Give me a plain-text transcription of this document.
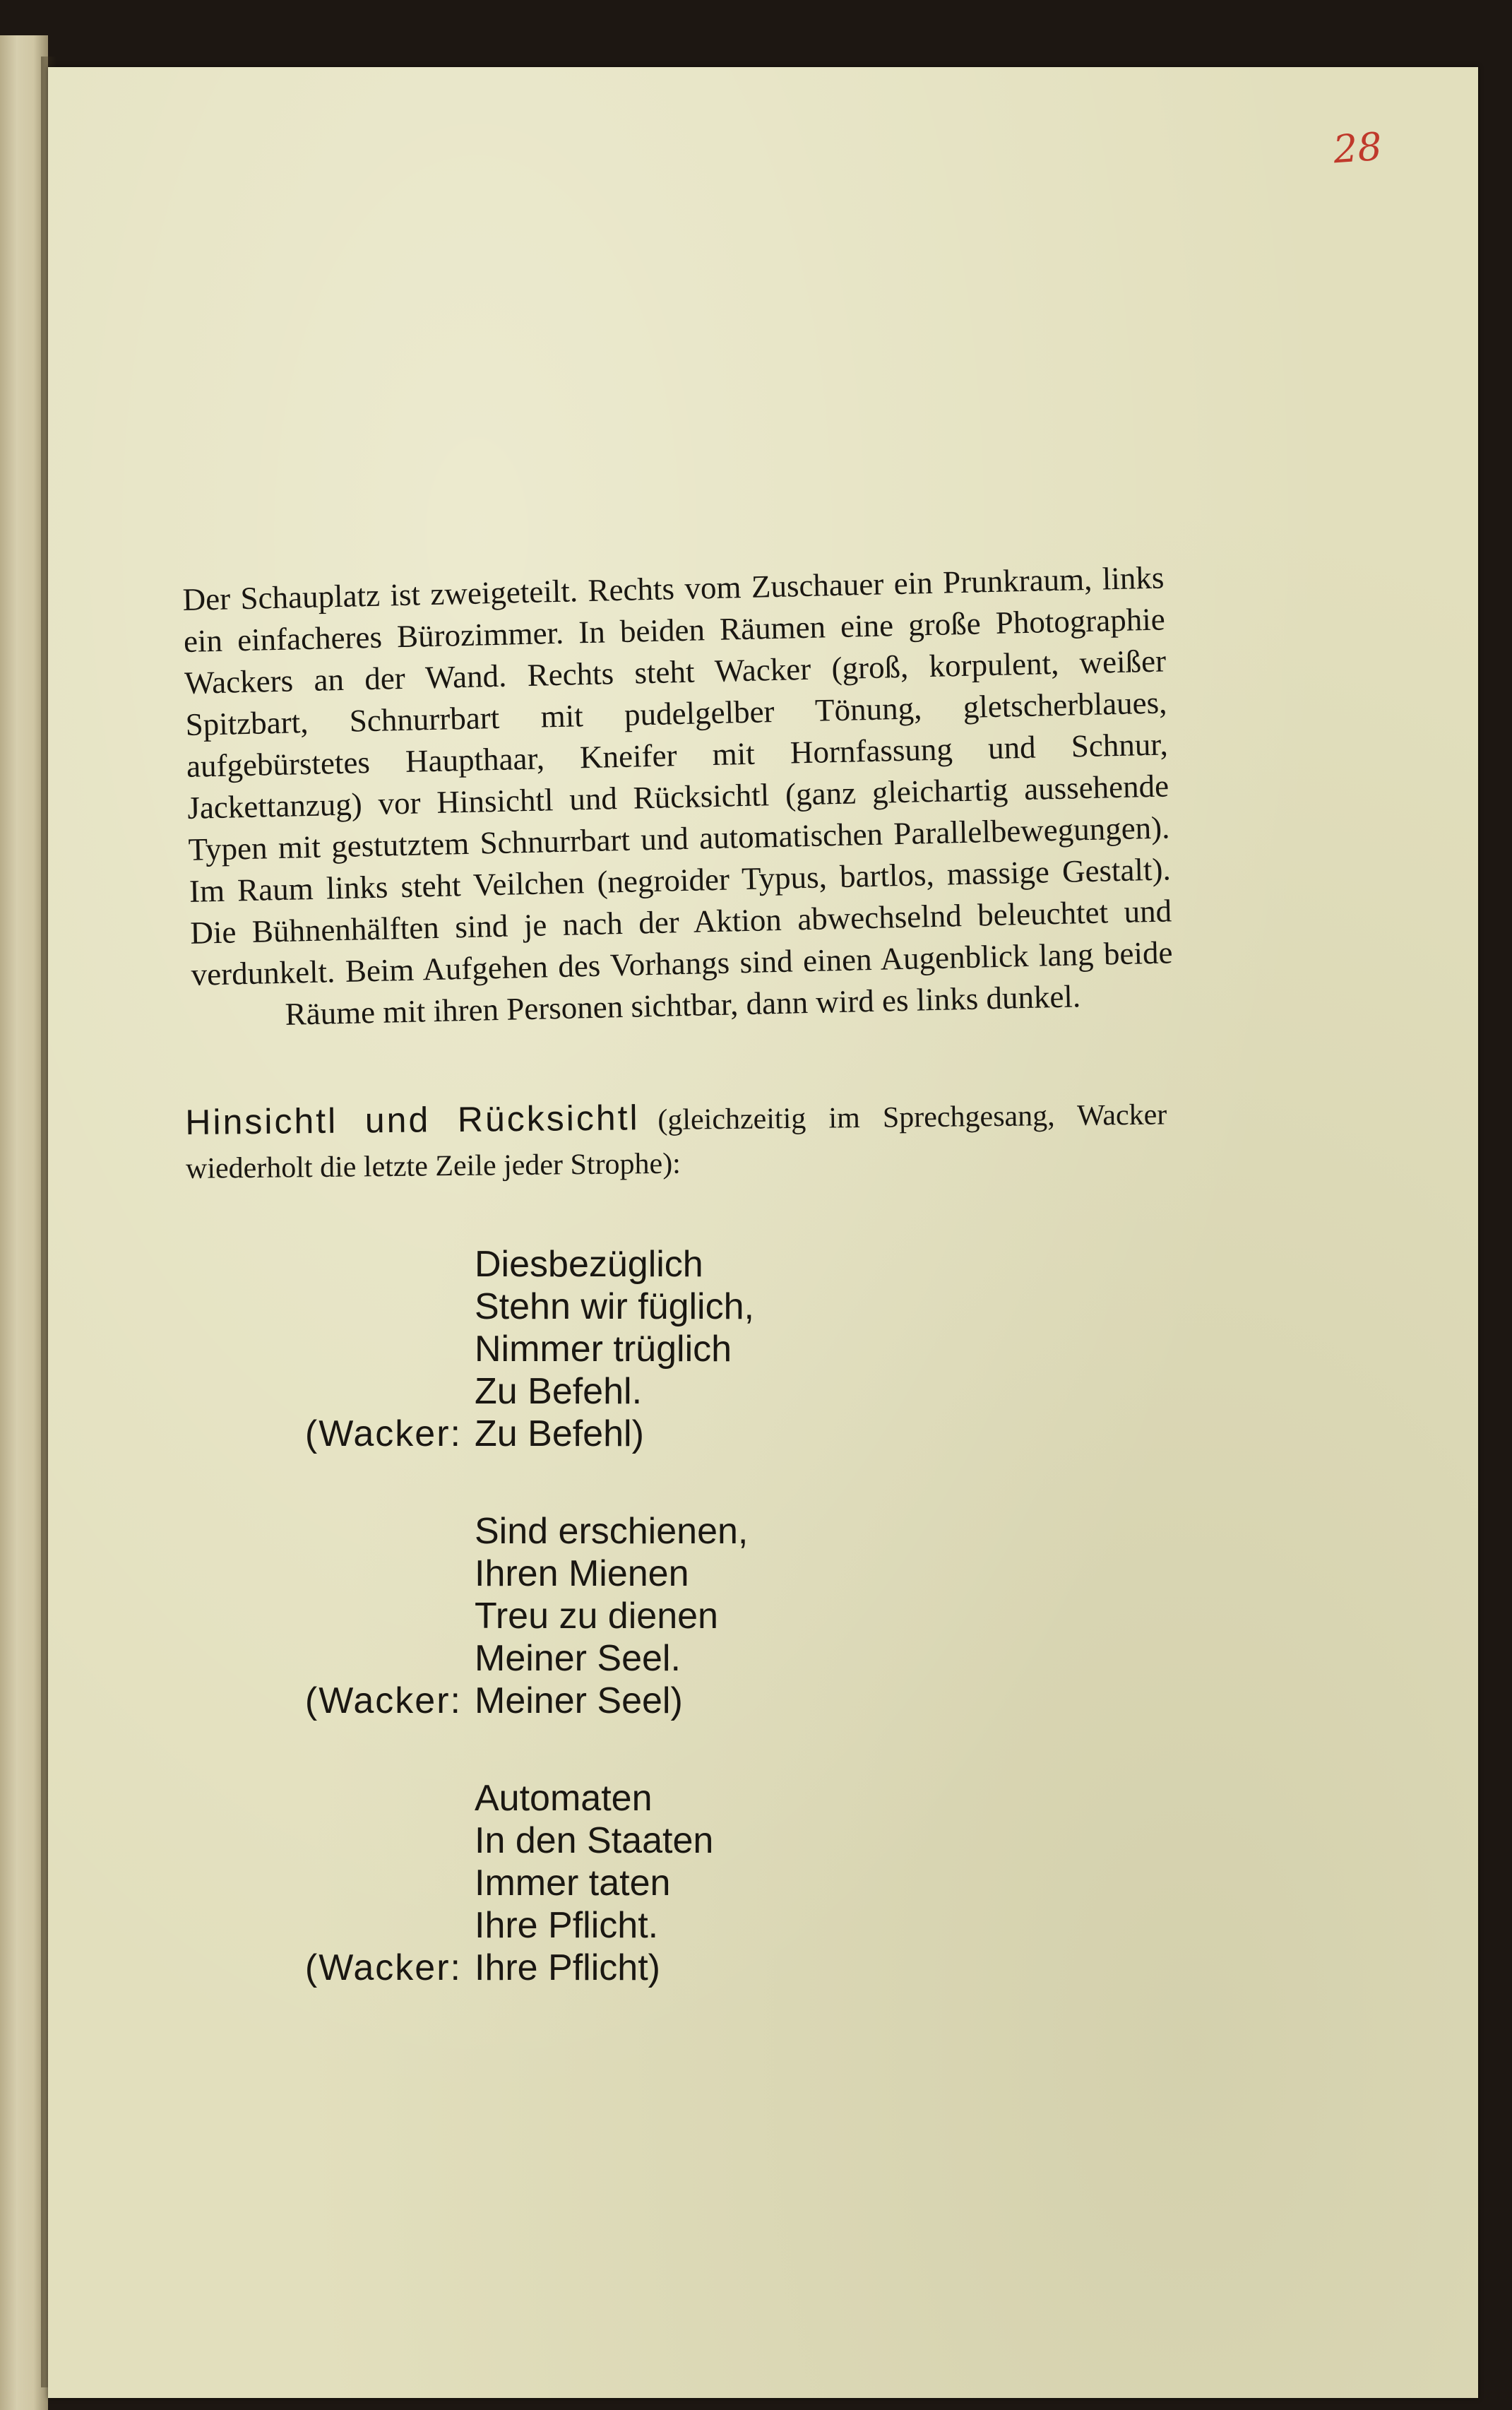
28
Der Schauplatz ist zweigeteilt. Rechts vom Zuschauer ein Prunkraum, links ein einfacheres Bürozimmer. In beiden Räumen eine große Photographie Wackers an der Wand. Rechts steht Wacker (groß, korpulent, weißer Spitzbart, Schnurrbart mit pudelgelber Tönung, gletscherblaues, aufgebürstetes Haupthaar, Kneifer mit Hornfassung und Schnur, Jackettanzug) vor Hinsichtl und Rücksichtl (ganz gleichartig aussehende Typen mit gestutztem Schnurrbart und automatischen Parallelbewegungen). Im Raum links steht Veilchen (negroider Typus, bartlos, massige Gestalt). Die Bühnenhälften sind je nach der Aktion abwechselnd beleuchtet und verdunkelt. Beim Aufgehen des Vorhangs sind einen Augenblick lang beide Räume mit ihren Personen sichtbar, dann wird es links dunkel.
Hinsichtl und Rücksichtl (gleichzeitig im Sprechgesang, Wacker wiederholt die letzte Zeile jeder Strophe):
Diesbezüglich
Stehn wir füglich,
Nimmer trüglich
Zu Befehl.
(Wacker: Zu Befehl)
Sind erschienen,
Ihren Mienen
Treu zu dienen
Meiner Seel.
(Wacker: Meiner Seel)
Automaten
In den Staaten
Immer taten
Ihre Pflicht.
(Wacker: Ihre Pflicht)
